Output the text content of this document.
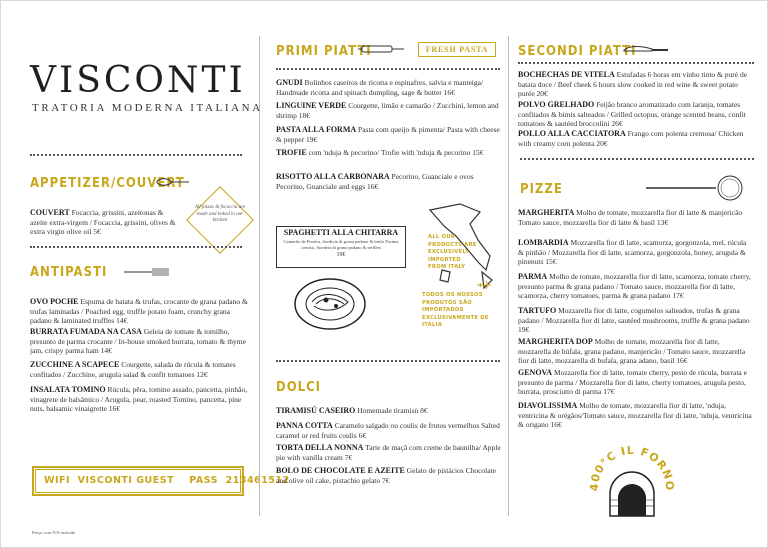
VISCONTI
TRATORIA MODERNA ITALIANA
APPETIZER/COUVERT
All pizzas & focaccia are made and baked in our kitchen
COUVERT Focaccia, grissini, azeitonas & azeite extra-virgem / Focaccia, grissini, olives & extra virgin olive oil 5€
ANTIPASTI
OVO POCHE Espuma de batata & trufas, crocante de grana padano & trufas laminadas / Poached egg, truffle potato foam, crunchy grana padano & laminated truffles 14€
BURRATA FUMADA NA CASA Geleia de tomate & tomilho, presunto de parma crocante / In-house smoked burrata, tomato & thyme jam, crispy parma ham 14€
ZUCCHINE A SCAPECE Courgette, salada de rúcula & tomates confitados / Zucchine, arugula salad & confit tomatoes 12€
INSALATA TOMINO Rúcula, pêra, tomino assado, pancetta, pinhão, vinagrete de balsâmico / Arugula, pear, roasted Tomino, pancetta, pine nuts, balsamic vinaigrette 16€
WIFI VISCONTI GUEST PASS 213461512
Preço com IVA incluído
PRIMI PIATTI	FRESH PASTA
GNUDI Bolinhos caseiros de ricotta e espinafres, salvia e manteiga/ Handmade ricotta and spinach dumpling, sage & butter 16€
LINGUINE VERDE Courgette, limão e camarão / Zucchini, lemon and shrimp 18€
PASTA ALLA FORMA Pasta com queijo & pimenta/ Pasta with cheese & pepper 19€
TROFIE com 'nduja & pecorino/ Trofie with 'nduja & pecorino 15€
RISOTTO ALLA CARBONARA Pecorino, Guanciale e ovos Pecorino, Guanciale and eggs 16€
SPAGHETTI ALLA CHITARRA
Camarão de Poreira, fiordicia di grana padano & tinifo Porima cemiso, fioedeta di grana padano & trefflex
19€
ALL OUR PRODUCTS ARE EXCLUSIVELY IMPORTED FROM ITALY
TODOS OS NOSSOS PRODUTOS SÃO IMPORTADOS EXCLUSIVAMENTE DE ITÁLIA
DOLCI
TIRAMISÚ CASEIRO Homemade tiramisù 8€
PANNA COTTA Caramelo salgado ou coulis de frutos vermelhos Salted caramel or red fruits coulis 6€
TORTA DELLA NONNA Tarte de maçã com creme de baunilha/ Apple pie with vanilla cream 7€
BOLO DE CHOCOLATE E AZEITE Gelato de pistácios Chocolate and olive oil cake, pistachio gelato 7€
SECONDI PIATTI
BOCHECHAS DE VITELA Estufadas 6 horas em vinho tinto & puré de batata doce / Beef cheek 6 hours slow cooked in red wine & sweet potato purée 20€
POLVO GRELHADO Feijão branco aromatizado com laranja, tomates confitados & bimis salteados / Grilled octopus, orange scented beans, confit tomatoes & sautéed broccolini 26€
POLLO ALLA CACCIATORA Frango com polenta cremosa/ Chicken with creamy corn polenta 20€
PIZZE
MARGHERITA Molho de tomate, mozzarella fior di latte & manjericão Tomato sauce, mozzarella fior di latte & basil 13€
LOMBARDIA Mozzarella fior di latte, scamorza, gorgonzola, mel, rúcula & pinhão / Mozzarella fior di latte, scamorza, gorgonzola, honey, arugula & pinenuts 15€
PARMA Molho de tomate, mozzarella fior di latte, scamorza, tomate cherry, presunto parma & grana padano / Tomato sauce, mozzarella fior di latte, scamorza, cherry tomatoes, parma & grana padano 17€
TARTUFO Mozzarella fior di latte, cogumelos salteados, trufas & grana padano / Mozzarella fior di latte, sautéed mushrooms, truffle & grana padano 19€
MARGHERITA DOP Molho de tomate, mozzarella fior di latte, mozzarella de búfala, grana padano, manjericão / Tomato sauce, mozzarella fior di latte, mozzarella di bufala, grana adano, basil 16€
GENOVA Mozzarella fior di latte, tomate cherry, pesto de rúcula, burrata e presunto de parma / Mozzarella fior di latte, cherry tomatoes, arugula pesto, burrata, prosciutto di parma 17€
DIAVOLISSIMA Molho de tomate, mozzarella fior di latte, 'nduja, ventricina & orégãos/Tomato sauce, mozzarella fior di latte, 'nduja, ventricina & origano 16€
400°C IL FORNO
